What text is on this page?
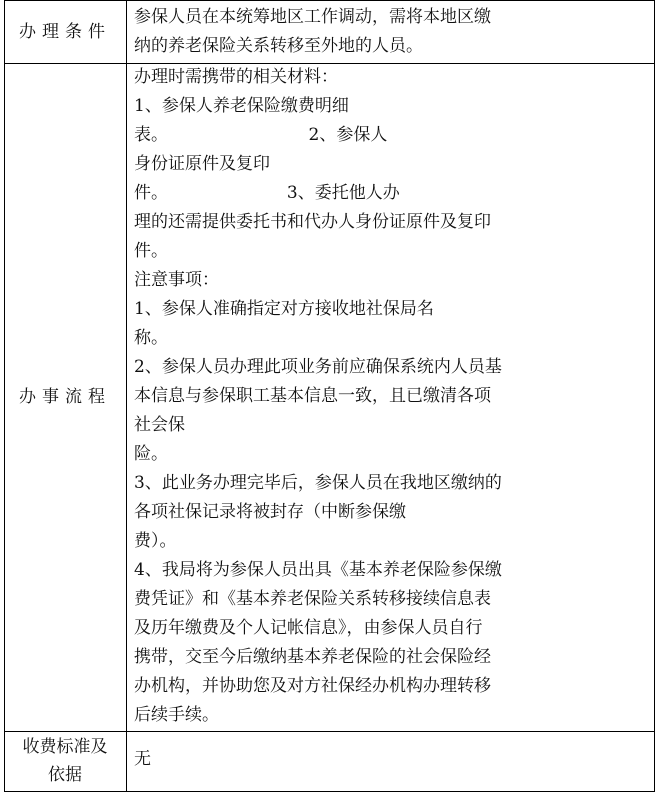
办理条件
参保人员在本统筹地区工作调动，需将本地区缴
纳的养老保险关系转移至外地的人员。
办事流程
办理时需携带的相关材料：
1、参保人养老保险缴费明细
表。                          2、参保人
身份证原件及复印
件。                      3、委托他人办
理的还需提供委托书和代办人身份证原件及复印
件。
注意事项：
1、参保人准确指定对方接收地社保局名
称。
2、参保人员办理此项业务前应确保系统内人员基
本信息与参保职工基本信息一致，且已缴清各项
社会保
险。
3、此业务办理完毕后，参保人员在我地区缴纳的
各项社保记录将被封存（中断参保缴
费）。
4、我局将为参保人员出具《基本养老保险参保缴
费凭证》和《基本养老保险关系转移接续信息表
及历年缴费及个人记帐信息》，由参保人员自行
携带，交至今后缴纳基本养老保险的社会保险经
办机构，并协助您及对方社保经办机构办理转移
后续手续。
收费标准及
依据
无
